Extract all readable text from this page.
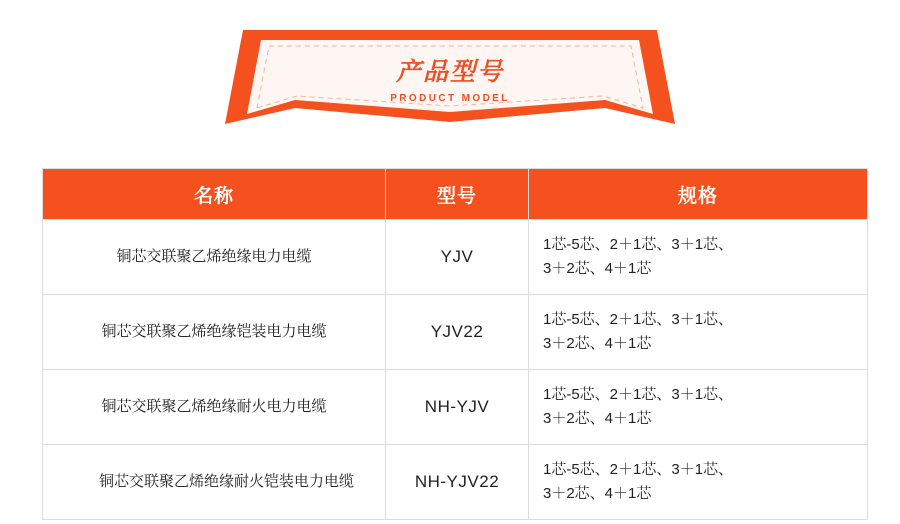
产品型号
PRODUCT MODEL
名称	型号	规格
铜芯交联聚乙烯绝缘电力电缆	YJV	1芯-5芯、2＋1芯、3＋1芯、
3＋2芯、4＋1芯

铜芯交联聚乙烯绝缘铠装电力电缆	YJV22	1芯-5芯、2＋1芯、3＋1芯、
3＋2芯、4＋1芯

铜芯交联聚乙烯绝缘耐火电力电缆	NH-YJV	1芯-5芯、2＋1芯、3＋1芯、
3＋2芯、4＋1芯

铜芯交联聚乙烯绝缘耐火铠装电力电缆	NH-YJV22	1芯-5芯、2＋1芯、3＋1芯、
3＋2芯、4＋1芯
